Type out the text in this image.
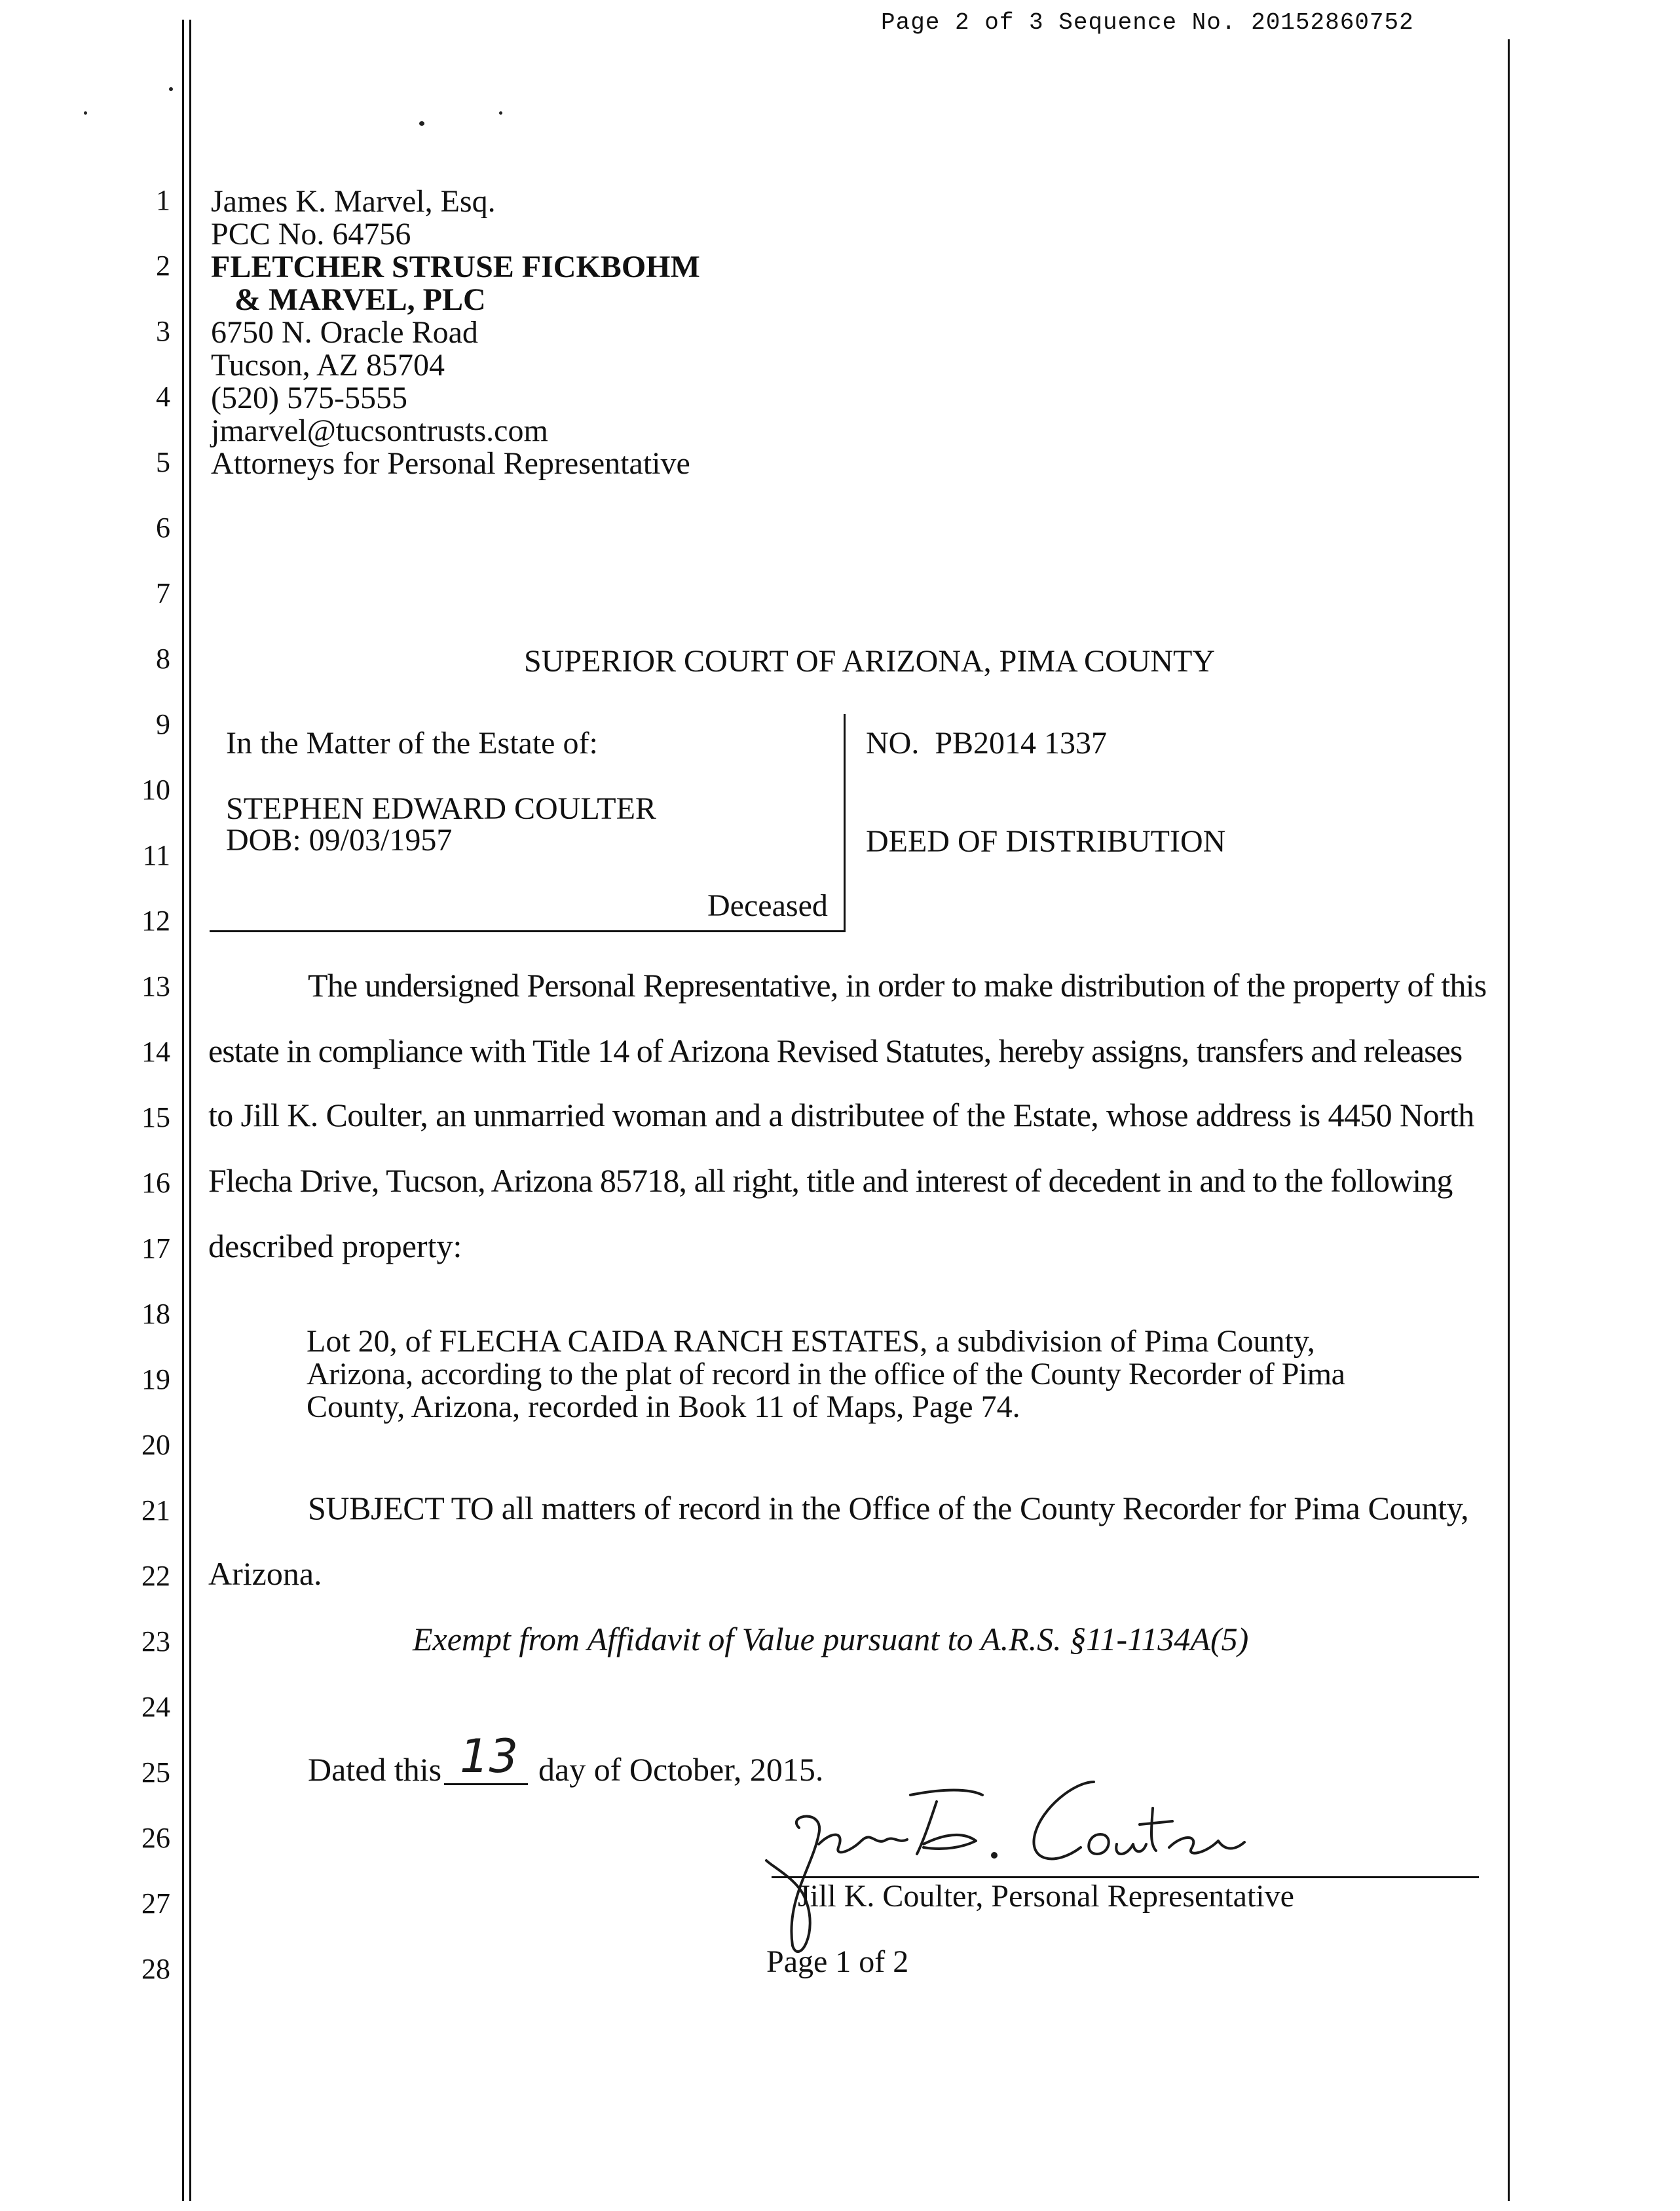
Page 2 of 3 Sequence No. 20152860752
1
2
3
4
5
6
7
8
9
10
11
12
13
14
15
16
17
18
19
20
21
22
23
24
25
26
27
28
James K. Marvel, Esq.
PCC No. 64756
FLETCHER STRUSE FICKBOHM
& MARVEL, PLC
6750 N. Oracle Road
Tucson, AZ 85704
(520) 575-5555
jmarvel@tucsontrusts.com
Attorneys for Personal Representative
SUPERIOR COURT OF ARIZONA, PIMA COUNTY
In the Matter of the Estate of:
STEPHEN EDWARD COULTER
DOB: 09/03/1957
Deceased
NO.  PB2014 1337
DEED OF DISTRIBUTION
The undersigned Personal Representative, in order to make distribution of the property of this
estate in compliance with Title 14 of Arizona Revised Statutes, hereby assigns, transfers and releases
to Jill K. Coulter, an unmarried woman and a distributee of the Estate, whose address is 4450 North
Flecha Drive, Tucson, Arizona 85718, all right, title and interest of decedent in and to the following
described property:
Lot 20, of FLECHA CAIDA RANCH ESTATES, a subdivision of Pima County,
Arizona, according to the plat of record in the office of the County Recorder of Pima
County, Arizona, recorded in Book 11 of Maps, Page 74.
SUBJECT TO all matters of record in the Office of the County Recorder for Pima County,
Arizona.
Exempt from Affidavit of Value pursuant to A.R.S. §11-1134A(5)
Dated this 13 day of October, 2015.
Jill K. Coulter, Personal Representative
Page 1 of 2
